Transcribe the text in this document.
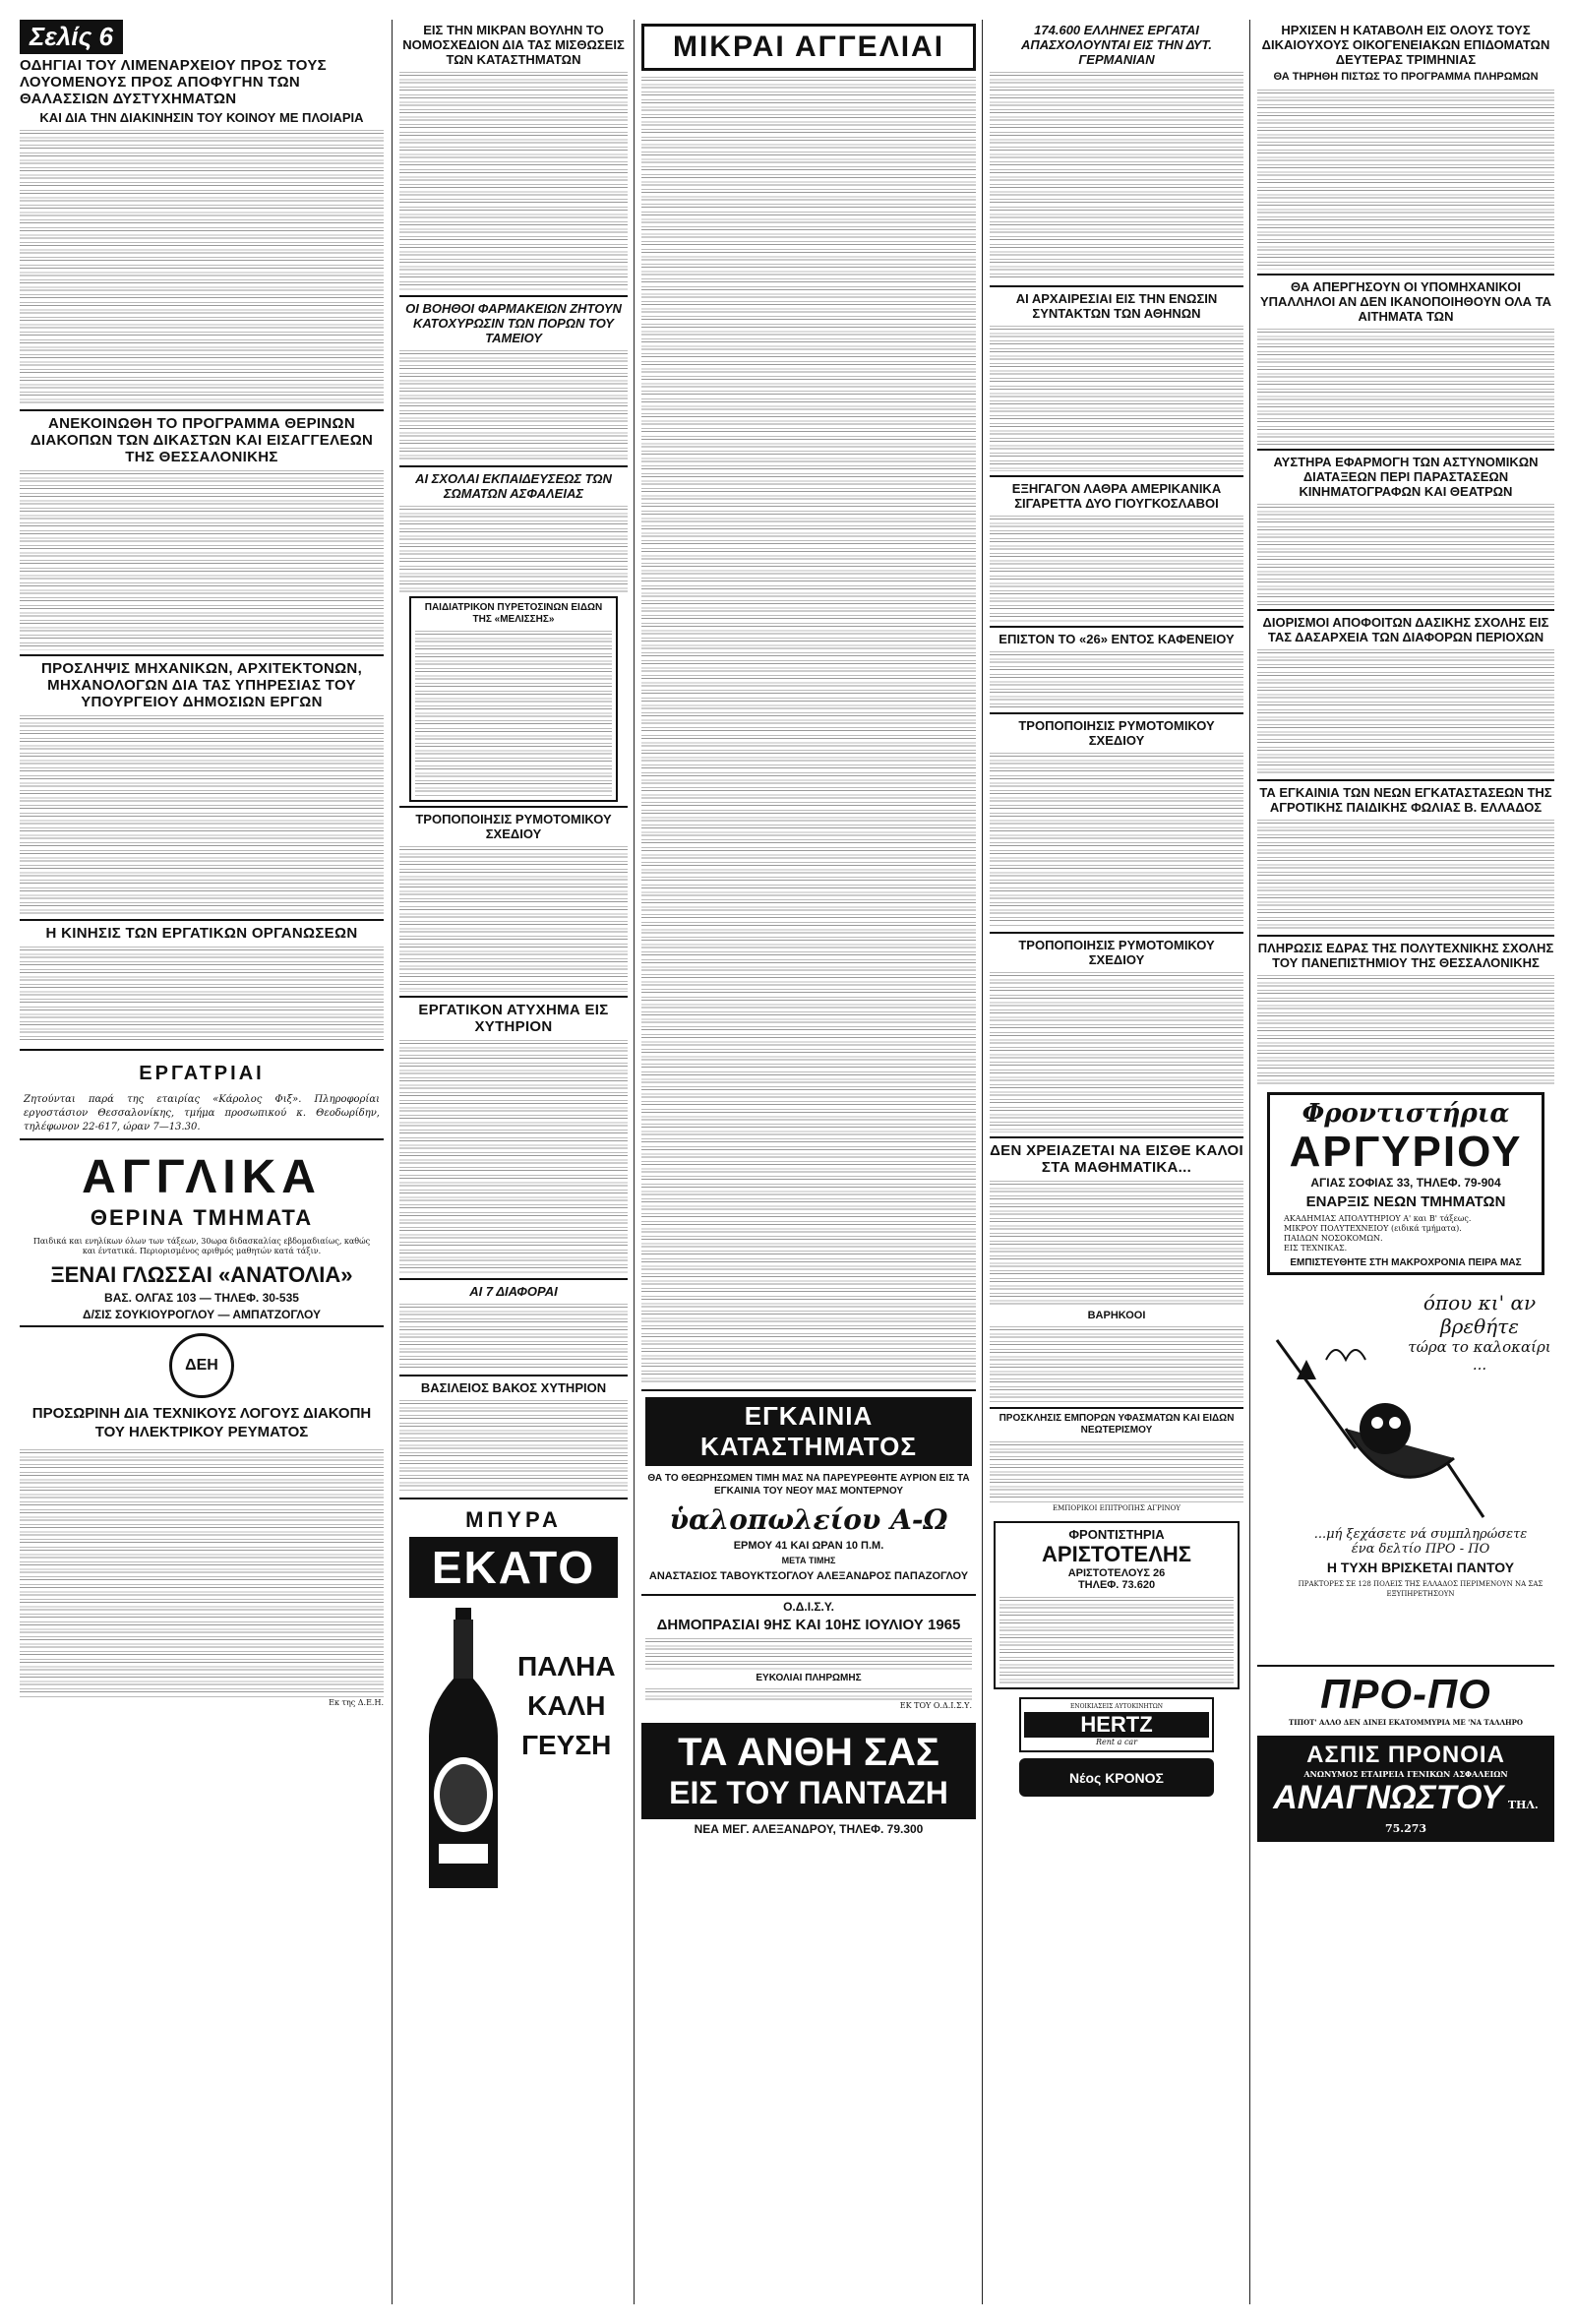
Σελίς 6
ΟΔΗΓΙΑΙ ΤΟΥ ΛΙΜΕΝΑΡΧΕΙΟΥ ΠΡΟΣ ΤΟΥΣ ΛΟΥΟΜΕΝΟΥΣ ΠΡΟΣ ΑΠΟΦΥΓΗΝ ΤΩΝ ΘΑΛΑΣΣΙΩΝ ΔΥΣΤΥΧΗΜΑΤΩΝ
ΚΑΙ ΔΙΑ ΤΗΝ ΔΙΑΚΙΝΗΣΙΝ ΤΟΥ ΚΟΙΝΟΥ ΜΕ ΠΛΟΙΑΡΙΑ
ΑΝΕΚΟΙΝΩΘΗ ΤΟ ΠΡΟΓΡΑΜΜΑ ΘΕΡΙΝΩΝ ΔΙΑΚΟΠΩΝ ΤΩΝ ΔΙΚΑΣΤΩΝ ΚΑΙ ΕΙΣΑΓΓΕΛΕΩΝ ΤΗΣ ΘΕΣΣΑΛΟΝΙΚΗΣ
ΠΡΟΣΛΗΨΙΣ ΜΗΧΑΝΙΚΩΝ, ΑΡΧΙΤΕΚΤΟΝΩΝ, ΜΗΧΑΝΟΛΟΓΩΝ ΔΙΑ ΤΑΣ ΥΠΗΡΕΣΙΑΣ ΤΟΥ ΥΠΟΥΡΓΕΙΟΥ ΔΗΜΟΣΙΩΝ ΕΡΓΩΝ
Η ΚΙΝΗΣΙΣ ΤΩΝ ΕΡΓΑΤΙΚΩΝ ΟΡΓΑΝΩΣΕΩΝ
ΕΡΓΑΤΡΙΑΙ
Ζητούνται παρά της εταιρίας «Κάρολος Φιξ». Πληροφορίαι εργοστάσιον Θεσσαλονίκης, τμήμα προσωπικού κ. Θεοδωρίδην, τηλέφωνον 22-617, ώραν 7—13.30.
ΑΓΓΛΙΚΑ
ΘΕΡΙΝΑ ΤΜΗΜΑΤΑ
Παιδικά και ενηλίκων όλων των τάξεων, 30ωρα διδασκαλίας εβδομαδιαίως, καθώς και έντατικά. Περιορισμένος αριθμός μαθητών κατά τάξιν.
ΞΕΝΑΙ ΓΛΩΣΣΑΙ «ΑΝΑΤΟΛΙΑ»
ΒΑΣ. ΟΛΓΑΣ 103 — ΤΗΛΕΦ. 30-535
Δ/ΣΙΣ ΣΟΥΚΙΟΥΡΟΓΛΟΥ — ΑΜΠΑΤΖΟΓΛΟΥ
ΔΕΗ
ΠΡΟΣΩΡΙΝΗ ΔΙΑ ΤΕΧΝΙΚΟΥΣ ΛΟΓΟΥΣ ΔΙΑΚΟΠΗ ΤΟΥ ΗΛΕΚΤΡΙΚΟΥ ΡΕΥΜΑΤΟΣ
Εκ της Δ.Ε.Η.
ΕΙΣ ΤΗΝ ΜΙΚΡΑΝ ΒΟΥΛΗΝ ΤΟ ΝΟΜΟΣΧΕΔΙΟΝ ΔΙΑ ΤΑΣ ΜΙΣΘΩΣΕΙΣ ΤΩΝ ΚΑΤΑΣΤΗΜΑΤΩΝ
ΟΙ ΒΟΗΘΟΙ ΦΑΡΜΑΚΕΙΩΝ ΖΗΤΟΥΝ ΚΑΤΟΧΥΡΩΣΙΝ ΤΩΝ ΠΟΡΩΝ ΤΟΥ ΤΑΜΕΙΟΥ
ΑΙ ΣΧΟΛΑΙ ΕΚΠΑΙΔΕΥΣΕΩΣ ΤΩΝ ΣΩΜΑΤΩΝ ΑΣΦΑΛΕΙΑΣ
ΠΑΙΔΙΑΤΡΙΚΟΝ ΠΥΡΕΤΟΣΙΝΩΝ ΕΙΔΩΝ ΤΗΣ «ΜΕΛΙΣΣΗΣ»
ΤΡΟΠΟΠΟΙΗΣΙΣ ΡΥΜΟΤΟΜΙΚΟΥ ΣΧΕΔΙΟΥ
ΕΡΓΑΤΙΚΟΝ ΑΤΥΧΗΜΑ ΕΙΣ ΧΥΤΗΡΙΟΝ
ΑΙ 7 ΔΙΑΦΟΡΑΙ
ΒΑΣΙΛΕΙΟΣ ΒΑΚΟΣ ΧΥΤΗΡΙΟΝ
ΜΠΥΡΑ
ΕΚΑΤΟ
ΠΑΛΗΑ
ΚΑΛΗ
ΓΕΥΣΗ
ΜΙΚΡΑΙ ΑΓΓΕΛΙΑΙ
ΕΓΚΑΙΝΙΑ ΚΑΤΑΣΤΗΜΑΤΟΣ
ΘΑ ΤΟ ΘΕΩΡΗΣΩΜΕΝ ΤΙΜΗ ΜΑΣ ΝΑ ΠΑΡΕΥΡΕΘΗΤΕ ΑΥΡΙΟΝ ΕΙΣ ΤΑ ΕΓΚΑΙΝΙΑ ΤΟΥ ΝΕΟΥ ΜΑΣ ΜΟΝΤΕΡΝΟΥ
ὑαλοπωλείου Α-Ω
ΕΡΜΟΥ 41 ΚΑΙ ΩΡΑΝ 10 Π.Μ.
ΜΕΤΑ ΤΙΜΗΣ
ΑΝΑΣΤΑΣΙΟΣ ΤΑΒΟΥΚΤΣΟΓΛΟΥ ΑΛΕΞΑΝΔΡΟΣ ΠΑΠΑΖΟΓΛΟΥ
Ο.Δ.Ι.Σ.Υ.
ΔΗΜΟΠΡΑΣΙΑΙ 9ΗΣ ΚΑΙ 10ΗΣ ΙΟΥΛΙΟΥ 1965
ΕΥΚΟΛΙΑΙ ΠΛΗΡΩΜΗΣ
ΕΚ ΤΟΥ Ο.Δ.Ι.Σ.Υ.
ΤΑ ΑΝΘΗ ΣΑΣ
ΕΙΣ ΤΟΥ ΠΑΝΤΑΖΗ
ΝΕΑ ΜΕΓ. ΑΛΕΞΑΝΔΡΟΥ, ΤΗΛΕΦ. 79.300
174.600 ΕΛΛΗΝΕΣ ΕΡΓΑΤΑΙ ΑΠΑΣΧΟΛΟΥΝΤΑΙ ΕΙΣ ΤΗΝ ΔΥΤ. ΓΕΡΜΑΝΙΑΝ
ΑΙ ΑΡΧΑΙΡΕΣΙΑΙ ΕΙΣ ΤΗΝ ΕΝΩΣΙΝ ΣΥΝΤΑΚΤΩΝ ΤΩΝ ΑΘΗΝΩΝ
ΕΞΗΓΑΓΟΝ ΛΑΘΡΑ ΑΜΕΡΙΚΑΝΙΚΑ ΣΙΓΑΡΕΤΤΑ ΔΥΟ ΓΙΟΥΓΚΟΣΛΑΒΟΙ
ΕΠΙΣΤΟΝ ΤΟ «26» ΕΝΤΟΣ ΚΑΦΕΝΕΙΟΥ
ΤΡΟΠΟΠΟΙΗΣΙΣ ΡΥΜΟΤΟΜΙΚΟΥ ΣΧΕΔΙΟΥ
ΤΡΟΠΟΠΟΙΗΣΙΣ ΡΥΜΟΤΟΜΙΚΟΥ ΣΧΕΔΙΟΥ
ΔΕΝ ΧΡΕΙΑΖΕΤΑΙ ΝΑ ΕΙΣΘΕ ΚΑΛΟΙ ΣΤΑ ΜΑΘΗΜΑΤΙΚΑ...
ΒΑΡΗΚΟΟΙ
ΠΡΟΣΚΛΗΣΙΣ ΕΜΠΟΡΩΝ ΥΦΑΣΜΑΤΩΝ ΚΑΙ ΕΙΔΩΝ ΝΕΩΤΕΡΙΣΜΟΥ
ΕΜΠΟΡΙΚΟΙ ΕΠΙΤΡΟΠΗΣ ΑΓΡΙΝΟΥ
ΦΡΟΝΤΙΣΤΗΡΙΑ
ΑΡΙΣΤΟΤΕΛΗΣ
ΑΡΙΣΤΟΤΕΛΟΥΣ 26
ΤΗΛΕΦ. 73.620
ΕΝΟΙΚΙΑΣΕΙΣ ΑΥΤΟΚΙΝΗΤΩΝ
HERTZ
Rent a car
Νέος ΚΡΟΝΟΣ
ΗΡΧΙΣΕΝ Η ΚΑΤΑΒΟΛΗ ΕΙΣ ΟΛΟΥΣ ΤΟΥΣ ΔΙΚΑΙΟΥΧΟΥΣ ΟΙΚΟΓΕΝΕΙΑΚΩΝ ΕΠΙΔΟΜΑΤΩΝ ΔΕΥΤΕΡΑΣ ΤΡΙΜΗΝΙΑΣ
ΘΑ ΤΗΡΗΘΗ ΠΙΣΤΩΣ ΤΟ ΠΡΟΓΡΑΜΜΑ ΠΛΗΡΩΜΩΝ
ΘΑ ΑΠΕΡΓΗΣΟΥΝ ΟΙ ΥΠΟΜΗΧΑΝΙΚΟΙ ΥΠΑΛΛΗΛΟΙ ΑΝ ΔΕΝ ΙΚΑΝΟΠΟΙΗΘΟΥΝ ΟΛΑ ΤΑ ΑΙΤΗΜΑΤΑ ΤΩΝ
ΑΥΣΤΗΡΑ ΕΦΑΡΜΟΓΗ ΤΩΝ ΑΣΤΥΝΟΜΙΚΩΝ ΔΙΑΤΑΞΕΩΝ ΠΕΡΙ ΠΑΡΑΣΤΑΣΕΩΝ ΚΙΝΗΜΑΤΟΓΡΑΦΩΝ ΚΑΙ ΘΕΑΤΡΩΝ
ΔΙΟΡΙΣΜΟΙ ΑΠΟΦΟΙΤΩΝ ΔΑΣΙΚΗΣ ΣΧΟΛΗΣ ΕΙΣ ΤΑΣ ΔΑΣΑΡΧΕΙΑ ΤΩΝ ΔΙΑΦΟΡΩΝ ΠΕΡΙΟΧΩΝ
ΤΑ ΕΓΚΑΙΝΙΑ ΤΩΝ ΝΕΩΝ ΕΓΚΑΤΑΣΤΑΣΕΩΝ ΤΗΣ ΑΓΡΟΤΙΚΗΣ ΠΑΙΔΙΚΗΣ ΦΩΛΙΑΣ Β. ΕΛΛΑΔΟΣ
ΠΛΗΡΩΣΙΣ ΕΔΡΑΣ ΤΗΣ ΠΟΛΥΤΕΧΝΙΚΗΣ ΣΧΟΛΗΣ ΤΟΥ ΠΑΝΕΠΙΣΤΗΜΙΟΥ ΤΗΣ ΘΕΣΣΑΛΟΝΙΚΗΣ
Φροντιστήρια
ΑΡΓΥΡΙΟΥ
ΑΓΙΑΣ ΣΟΦΙΑΣ 33, ΤΗΛΕΦ. 79-904
ΕΝΑΡΞΙΣ ΝΕΩΝ ΤΜΗΜΑΤΩΝ
ΑΚΑΔΗΜΙΑΣ ΑΠΟΛΥΤΗΡΙΟΥ Α' και Β' τάξεως.
ΜΙΚΡΟΥ ΠΟΛΥΤΕΧΝΕΙΟΥ (ειδικά τμήματα).
ΠΑΙΔΩΝ ΝΟΣΟΚΟΜΩΝ.
ΕΙΣ ΤΕΧΝΙΚΑΣ.
ΕΜΠΙΣΤΕΥΘΗΤΕ ΣΤΗ ΜΑΚΡΟΧΡΟΝΙΑ ΠΕΙΡΑ ΜΑΣ
όπου κι' αν
βρεθήτε
τώρα το καλοκαίρι ...
...μή ξεχάσετε νά συμπληρώσετε
ένα δελτίο ΠΡΟ - ΠΟ
Η ΤΥΧΗ ΒΡΙΣΚΕΤΑΙ ΠΑΝΤΟΥ
ΠΡΑΚΤΟΡΕΣ ΣΕ 128 ΠΟΛΕΙΣ ΤΗΣ ΕΛΛΑΔΟΣ ΠΕΡΙΜΕΝΟΥΝ ΝΑ ΣΑΣ ΕΞΥΠΗΡΕΤΗΣΟΥΝ
ΠΡΟ-ΠΟ
ΤΙΠΟΤ' ΑΛΛΟ ΔΕΝ ΔΙΝΕΙ ΕΚΑΤΟΜΜΥΡΙΑ ΜΕ 'ΝΑ ΤΑΛΛΗΡΟ
ΑΣΠΙΣ ΠΡΟΝΟΙΑ
ΑΝΩΝΥΜΟΣ ΕΤΑΙΡΕΙΑ ΓΕΝΙΚΩΝ ΑΣΦΑΛΕΙΩΝ
ΑΝΑΓΝΩΣΤΟΥ ΤΗΛ. 75.273
